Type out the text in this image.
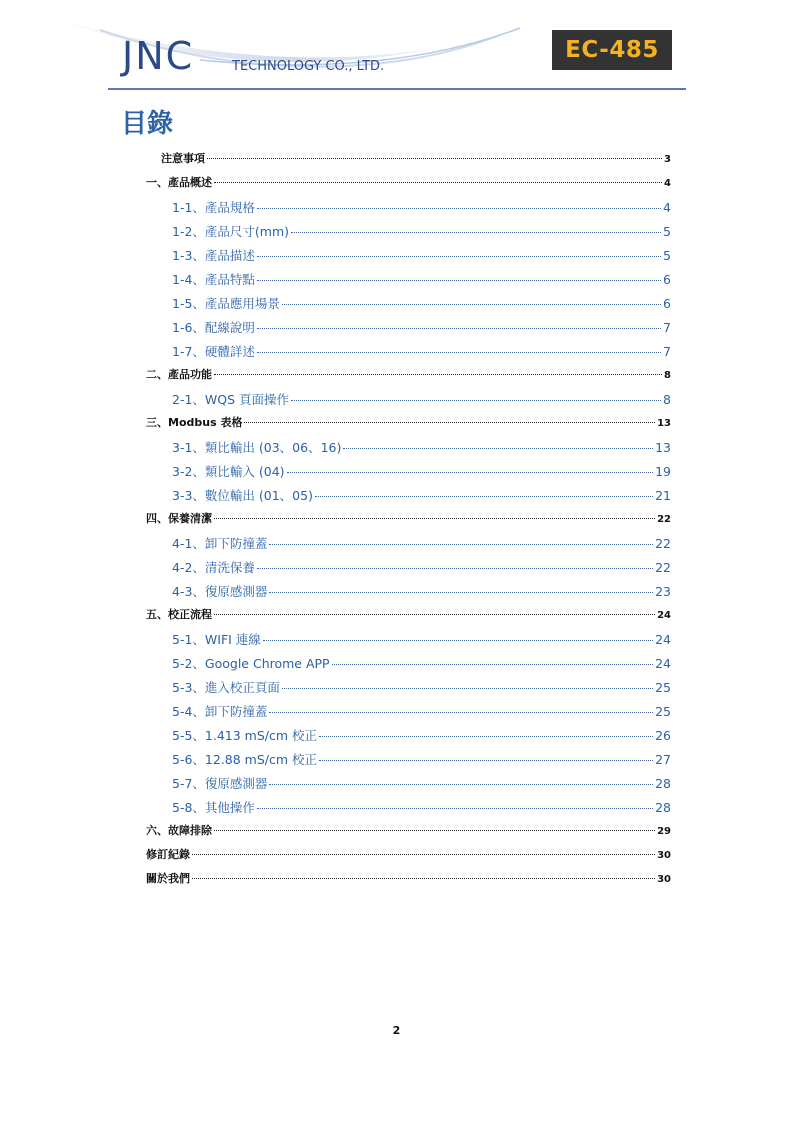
JNC	TECHNOLOGY CO., LTD.
EC-485
目錄
注意事項	3
一、產品概述	4
1-1、產品規格	4
1-2、產品尺寸(mm)	5
1-3、產品描述	5
1-4、產品特點	6
1-5、產品應用場景	6
1-6、配線說明	7
1-7、硬體詳述	7
二、產品功能	8
2-1、WQS 頁面操作	8
三、Modbus 表格	13
3-1、類比輸出 (03、06、16)	13
3-2、類比輸入 (04)	19
3-3、數位輸出 (01、05)	21
四、保養清潔	22
4-1、卸下防撞蓋	22
4-2、清洗保養	22
4-3、復原感測器	23
五、校正流程	24
5-1、WIFI 連線	24
5-2、Google Chrome APP	24
5-3、進入校正頁面	25
5-4、卸下防撞蓋	25
5-5、1.413 mS/cm 校正	26
5-6、12.88 mS/cm 校正	27
5-7、復原感測器	28
5-8、其他操作	28
六、故障排除	29
修訂紀錄	30
關於我們	30
2
